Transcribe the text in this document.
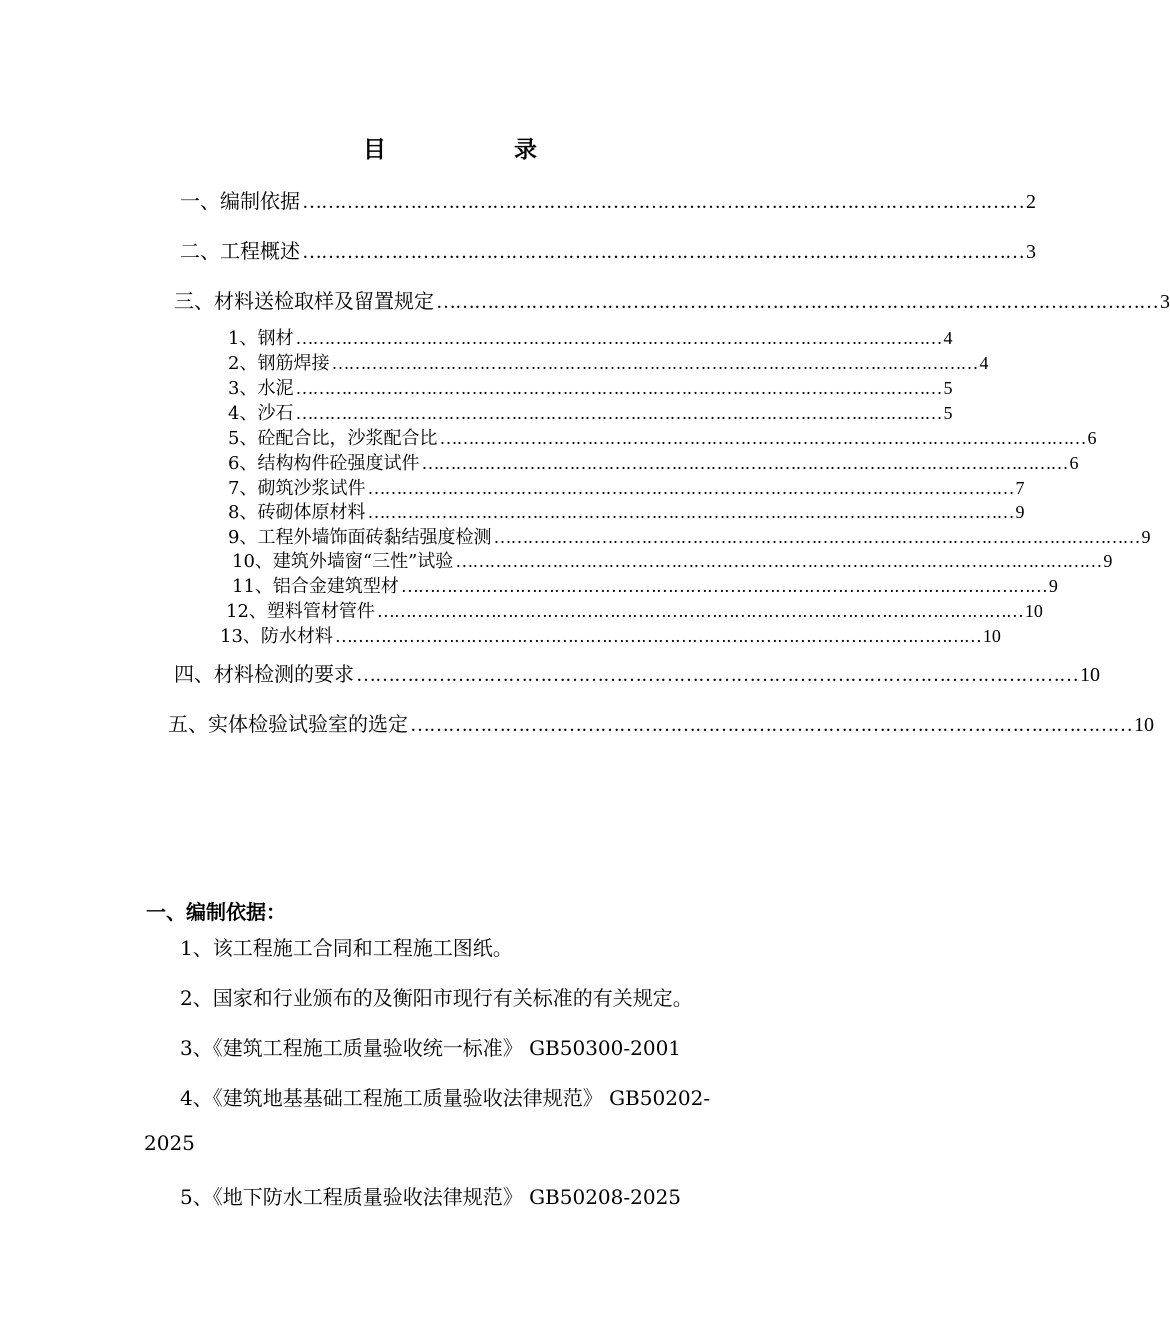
目 录
一、编制依据 …………………………………………………………………………………………………… 2
二、工程概述 …………………………………………………………………………………………………… 3
三、材料送检取样及留置规定 …………………………………………………………………………………………………… 3
1、钢材 …………………………………………………………………………………………………… 4
2、钢筋焊接 …………………………………………………………………………………………………… 4
3、水泥 …………………………………………………………………………………………………… 5
4、沙石 …………………………………………………………………………………………………… 5
5、砼配合比，沙浆配合比 …………………………………………………………………………………………………… 6
6、结构构件砼强度试件 …………………………………………………………………………………………………… 6
7、砌筑沙浆试件 …………………………………………………………………………………………………… 7
8、砖砌体原材料 …………………………………………………………………………………………………… 9
9、工程外墙饰面砖黏结强度检测 …………………………………………………………………………………………………… 9
10、建筑外墙窗“三性”试验 …………………………………………………………………………………………………… 9
11、铝合金建筑型材 …………………………………………………………………………………………………… 9
12、塑料管材管件 …………………………………………………………………………………………………… 10
13、防水材料 …………………………………………………………………………………………………… 10
四、材料检测的要求 …………………………………………………………………………………………………… 10
五、实体检验试验室的选定 …………………………………………………………………………………………………… 10
一、编制依据：
1、该工程施工合同和工程施工图纸。
2、国家和行业颁布的及衡阳市现行有关标准的有关规定。
3、《建筑工程施工质量验收统一标准》 GB50300-2001
4、《建筑地基基础工程施工质量验收法律规范》 GB50202-
2025
5、《地下防水工程质量验收法律规范》 GB50208-2025
